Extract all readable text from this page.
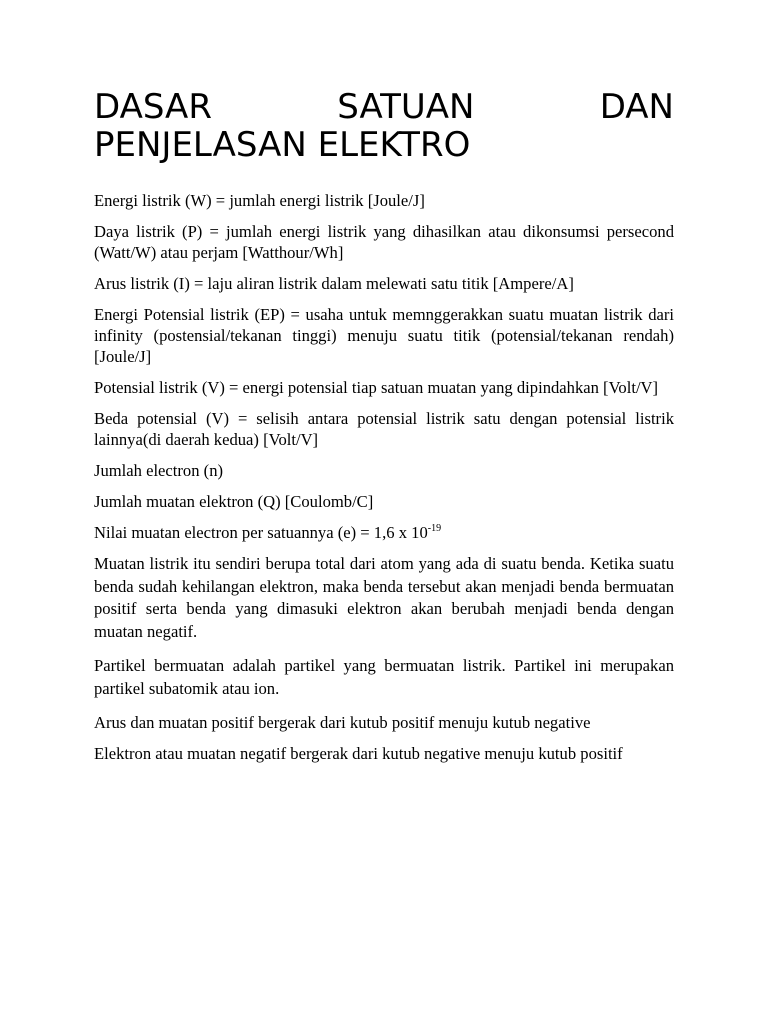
DASAR	SATUAN	DAN
PENJELASAN ELEKTRO

Energi listrik (W) = jumlah energi listrik [Joule/J]

Daya listrik (P) = jumlah energi listrik yang dihasilkan atau dikonsumsi persecond (Watt/W) atau perjam [Watthour/Wh]

Arus listrik (I) = laju aliran listrik dalam melewati satu titik [Ampere/A]

Energi Potensial listrik (EP) = usaha untuk memnggerakkan suatu muatan listrik dari infinity (postensial/tekanan tinggi) menuju suatu titik (potensial/tekanan rendah) [Joule/J]

Potensial listrik (V) = energi potensial tiap satuan muatan yang dipindahkan [Volt/V]

Beda potensial (V) = selisih antara potensial listrik satu dengan potensial listrik lainnya(di daerah kedua) [Volt/V]

Jumlah electron (n)

Jumlah muatan elektron (Q) [Coulomb/C]

Nilai muatan electron per satuannya (e) = 1,6 x $10^{-19}$

Muatan listrik itu sendiri berupa total dari atom yang ada di suatu benda. Ketika suatu benda sudah kehilangan elektron, maka benda tersebut akan menjadi benda bermuatan positif serta benda yang dimasuki elektron akan berubah menjadi benda dengan muatan negatif.

Partikel bermuatan adalah partikel yang bermuatan listrik. Partikel ini merupakan partikel subatomik atau ion.

Arus dan muatan positif bergerak dari kutub positif menuju kutub negative

Elektron atau muatan negatif bergerak dari kutub negative menuju kutub positif
